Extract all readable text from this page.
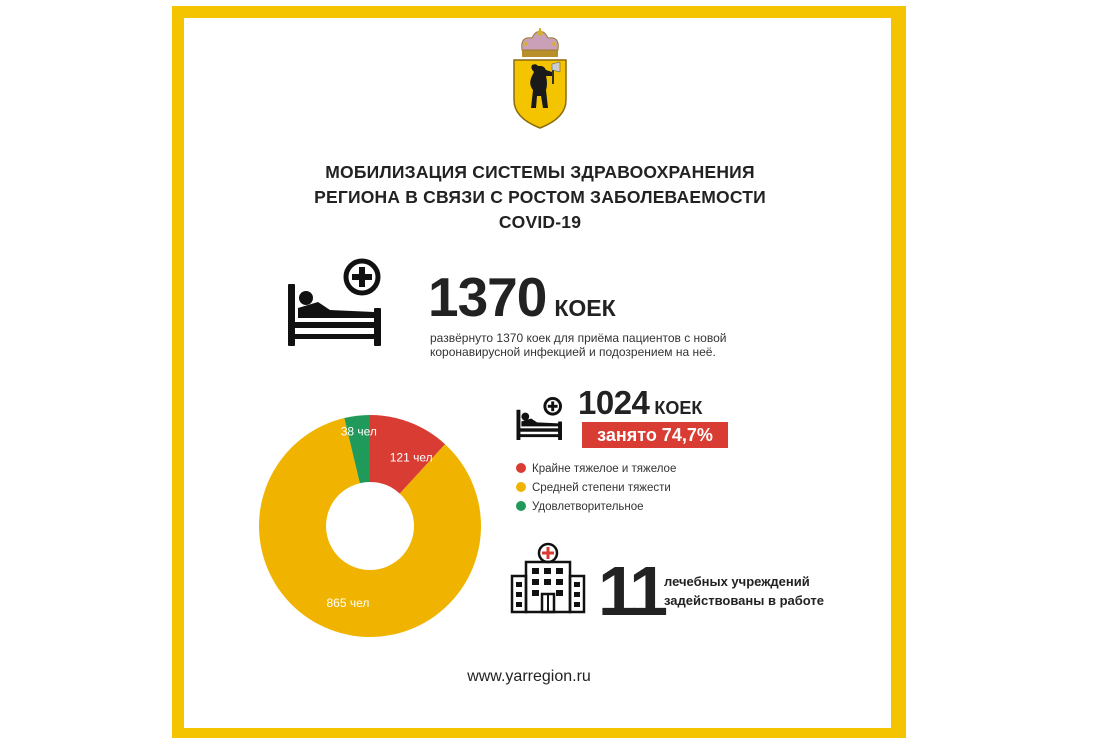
МОБИЛИЗАЦИЯ СИСТЕМЫ ЗДРАВООХРАНЕНИЯ
РЕГИОНА В СВЯЗИ С РОСТОМ ЗАБОЛЕВАЕМОСТИ
COVID-19
1370 КОЕК
развёрнуто 1370 коек для приёма пациентов с новой
коронавирусной инфекцией и подозрением на неё.
1024 КОЕК
занято 74,7%
Крайне тяжелое и тяжелое
Средней степени тяжести
Удовлетворительное
121 чел
865 чел
38 чел
11 лечебных учреждений
задействованы в работе
www.yarregion.ru
